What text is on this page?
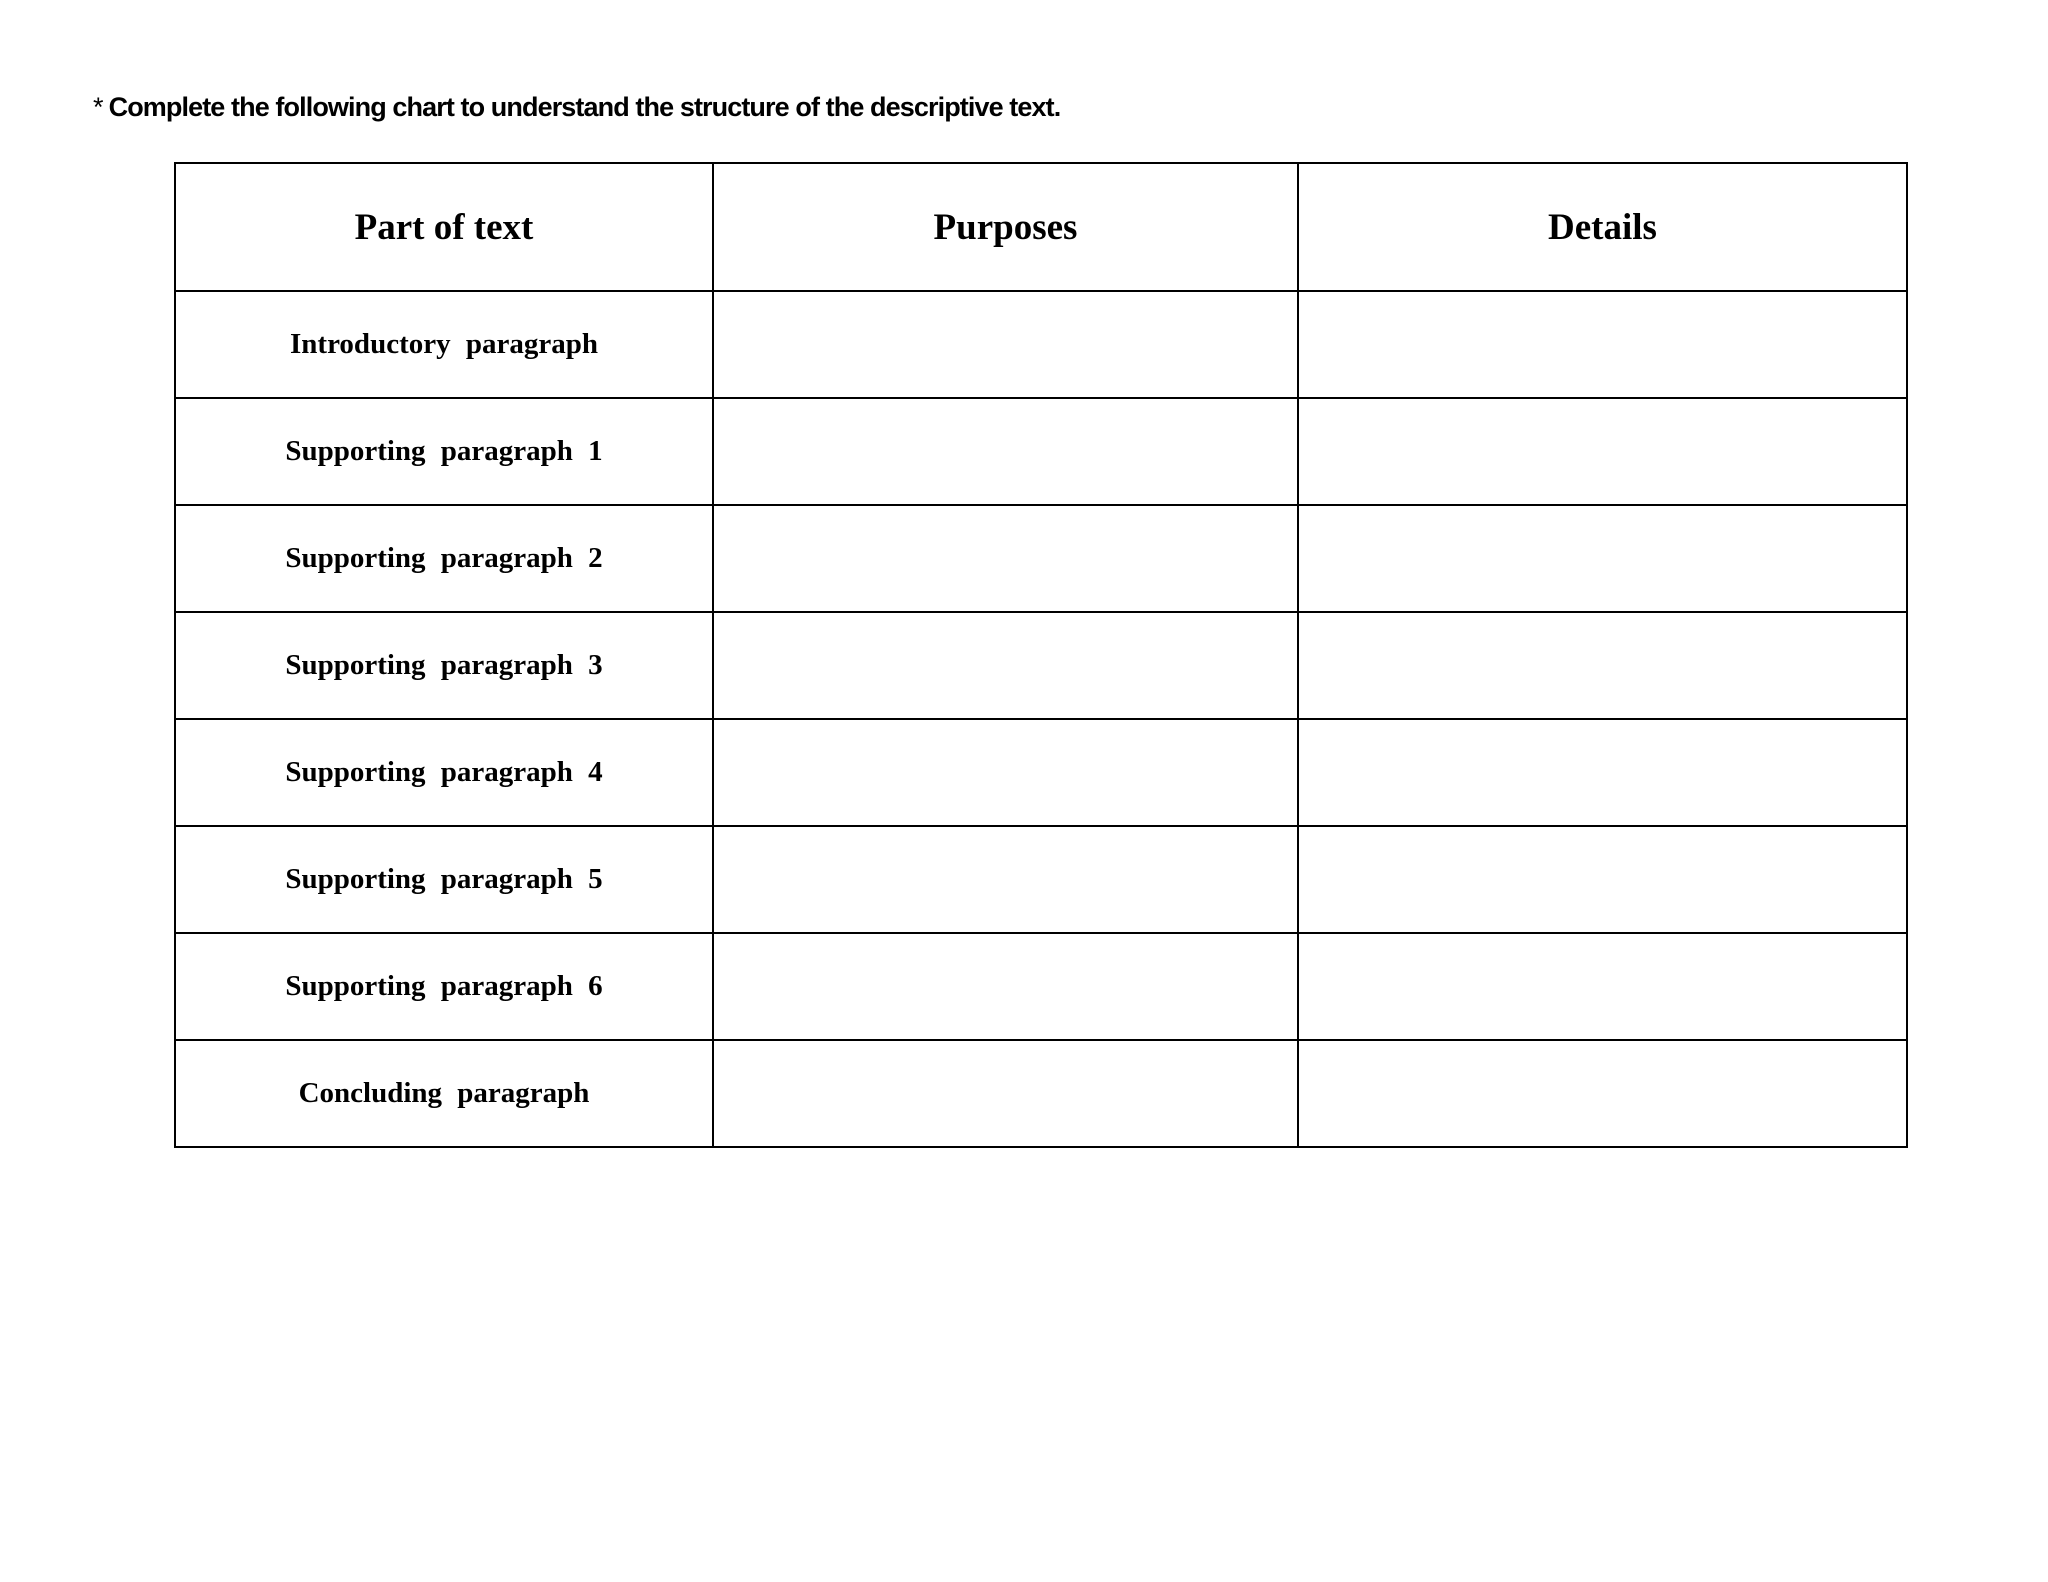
* Complete the following chart to understand the structure of the descriptive text.
Part of text	Purposes	Details
Introductory paragraph		
Supporting paragraph 1		
Supporting paragraph 2		
Supporting paragraph 3		
Supporting paragraph 4		
Supporting paragraph 5		
Supporting paragraph 6		
Concluding paragraph		
